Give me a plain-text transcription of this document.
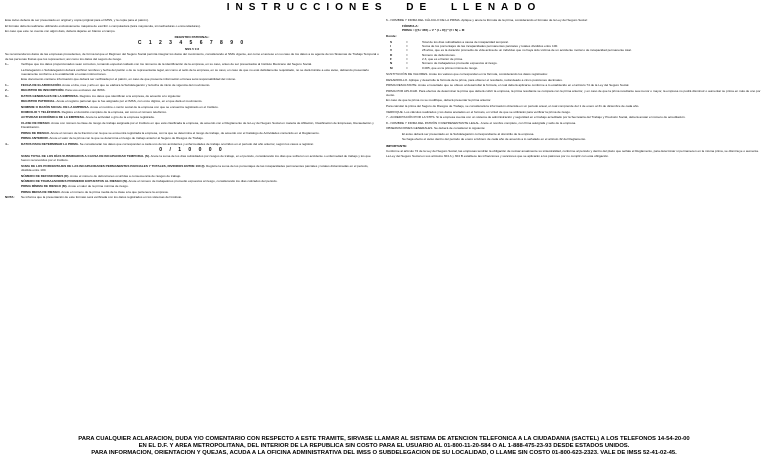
INSTRUCCIONES DE LLENADO

Este Aviso deberá de ser presentado en original y copia (original para el IMSS, y la copia para el patrón).

El formato deberá realizarse utilizando exclusivamente máquina de escribir o computadora (letra mayúscula, sin tachaduras o enmendaduras).

En caso que este no cuente con algún dato, deberá dejarse en blanco el campo.

REGISTRO PATRONAL:
C 1 2 3 4 5 6 7 8 9 0
NSS 5 0 8

Se recomienda los datos de las empresas procedentes, de forma tal que el Régimen del Seguro Social permita integrar los datos del movimiento, considerando el SMG vigente, así como el acceso en su caso de los datos a su agente de los Sistemas de Trabajo Temporal o de las personas físicas que los representen; así como los datos del seguro de riesgo.

1.-	Verifique que los datos proporcionados sean correctos, tomando especial cuidado con los números de la identificación de la empresa, en su caso, antes de ser presentados al Instituto Mexicano del Seguro Social.
La Delegación o Subdelegación deberá verificar nombres y fecha del patrón o de su representante legal, así como el sello de la empresa, en su caso; en caso de que no esté debidamente requisitado, no se dará trámite a este aviso, debiendo presentarlo nuevamente conforme a lo establecido en estas instrucciones.
Este documento contiene información que deberá ser verificada por el patrón, en caso de que presente información errónea será responsabilidad del mismo.
1.-	FECHA DE ELABORACIÓN. Anote el día, mes y año en que se elabora la Subdelegación y la fecha de inicio de vigencia del movimiento.
2.-	REGISTRO DE INSCRIPCIÓN. Para uso exclusivo del IMSS.
3.-	DATOS GENERALES DE LA EMPRESA. Registre los datos que identifican a la empresa, de acuerdo a lo siguiente:
REGISTRO PATRONAL. Anote el registro patronal que le fue asignado por el IMSS, con once dígitos, en el que dará el movimiento.
NOMBRE O RAZÓN SOCIAL DE LA EMPRESA. Anote el nombre o razón social de la empresa con que se encuentra registrado en el Instituto.
DOMICILIO Y TELÉFONOS. Registre el domicilio completo de la empresa, así como el número telefónico.
ACTIVIDAD ECONÓMICA DE LA EMPRESA. Anote la actividad o giro de la empresa registrada.
CLASE DE RIESGO. Anote con número la clase de riesgo de trabajo asignada por el Instituto en que esté clasificada la empresa, de acuerdo con el Reglamento de la Ley del Seguro Social en materia de Afiliación, Clasificación de Empresas, Recaudación y Fiscalización.
PRIMA DE RIESGO. Anote el número de la fracción con la que se encuentra registrada la empresa, con la que se determina el riesgo de trabajo, de acuerdo con el Catálogo de Actividades contenido en el Reglamento.
PRIMA ANTERIOR. Anote el valor de la prima con la que se determina el riesgo de trabajo anterior al Seguro de Riesgos de Trabajo.
4.-	DATOS PARA DETERMINAR LA PRIMA. Se considerarán los datos que corresponden a cada uno de los accidentes y enfermedades de trabajo ocurridos en el periodo del año anterior, según los casos a registrar.
0 / 1 0 0 0 0
SUMA TOTAL DE LOS DÍAS SUBSIDIADOS A CAUSA DE INCAPACIDAD TEMPORAL (S). Anote la suma de los días subsidiados por riesgos de trabajo, en el periodo, considerando los días que sufrieron un accidente o enfermedad de trabajo y los que fueron reconocidos por el Instituto.
SUMA DE LOS PORCENTAJES DE LAS INCAPACIDADES PERMANENTES PARCIALES Y TOTALES, DIVIDIDOS ENTRE 100 (I). Registre la suma de los porcentajes de las incapacidades permanentes parciales y totales dictaminadas en el periodo, dividida entre 100.
NÚMERO DE DEFUNCIONES (D). Anote el número de defunciones ocurridas a consecuencia de riesgos de trabajo.
NÚMERO DE TRABAJADORES PROMEDIO EXPUESTOS AL RIESGO (N). Anote el número de trabajadores promedio expuestos al riesgo, considerando los días cotizados del periodo.
PRIMA MÍNIMA DE RIESGO (M). Anote el valor de la prima mínima de riesgo.
PRIMA MEDIA DE RIESGO. Anote el número de la prima media de la clase a la que pertenece la empresa.
NOTA:	Se informa que la presentación de este formato será verificada con los datos registrados en los sistemas del Instituto.

6.- NOMBRE Y FIRMA DEL CÁLCULO DE LA PRIMA. Aplique y anote la fórmula de la prima, considerando el formato de la Ley del Seguro Social:

FÓRMULA:
PRIMA = [(S / 365) + V * (I + D)] * (F / N) + M
Donde:
S	=	Total de los días subsidiados a causa de incapacidad temporal.
I	=	Suma de los porcentajes de las incapacidades permanentes parciales y totales divididos entre 100.
V	=	28 años, que es la duración promedio de vida activa de un individuo que no haya sido víctima de un accidente mortal o de incapacidad permanente total.
D	=	Número de defunciones.
F	=	2.3, que es el factor de prima.
N	=	Número de trabajadores promedio expuestos al riesgo.
M	=	0.005, que es la prima mínima de riesgo.

SUSTITUCIÓN DE VALORES. Anote los valores que correspondan en la fórmula, considerando los datos registrados:

DESARROLLO. Aplique y desarrolle la fórmula de la prima, para obtener el resultado, redondeado a cinco posiciones decimales.

PRIMA RESULTANTE. Anote el resultado que se obtuvo al desarrollar la fórmula, el cual deberá aplicarse conforme a lo establecido en el artículo 74 de la Ley del Seguro Social.

PRIMA POR APLICAR. Para efectos de determinar la prima que deberá cubrir la empresa, la prima resultante se compara con la prima anterior, y en caso de que la prima resultante sea menor o mayor, la empresa no podrá disminuir o aumentar su prima en más de uno por ciento.

En caso de que la prima no se modifique, deberá presentar la prima anterior.

Para calcular la prima del Seguro de Riesgos de Trabajo, se considerará la información obtenida en un periodo anual, el cual comprende del 1 de enero al 31 de diciembre de cada año.

VERIFIQUE. Los cálculos realizados y los datos anotados en el formato, en virtud de que se utilizarán para verificar la prima de riesgo.

7.- ACREDITACIÓN POR LA STPS. Si la empresa cuenta con un sistema de administración y seguridad en el trabajo acreditado por la Secretaría del Trabajo y Previsión Social, deberá anotar el número de acreditación.

8.- NOMBRE Y FIRMA DEL PATRÓN O REPRESENTANTE LEGAL. Anote el nombre completo, con firma autógrafa y sello de la empresa.

OBSERVACIONES GENERALES. Se deberá de considerar lo siguiente:

El aviso deberá ser presentado en la Subdelegación correspondiente al domicilio de la empresa.

Se haga efecto el aviso dentro del periodo de enero a febrero de cada año de acuerdo a lo señalado en el artículo 32 del Reglamento.

IMPORTANTE:

Conforme al artículo 74 de la Ley del Seguro Social, las empresas tendrán la obligación de revisar anualmente su siniestralidad, conforme al periodo y dentro del plazo que señale el Reglamento, para determinar si permanecen en la misma prima, se disminuye o aumenta.

La Ley del Seguro Social en sus artículos 304 A y 304 B establece las infracciones y sanciones que se aplicarán a los patrones por no cumplir con esta obligación.

PARA CUALQUIER ACLARACIÓN, DUDA Y/O COMENTARIO CON RESPECTO A ESTE TRÁMITE, SÍRVASE LLAMAR AL SISTEMA DE ATENCIÓN TELEFÓNICA A LA CIUDADANÍA (SACTEL) A LOS TELÉFONOS 14-54-20-00
EN EL D.F. Y ÁREA METROPOLITANA, DEL INTERIOR DE LA REPÚBLICA SIN COSTO PARA EL USUARIO AL 01-800-11-20-584 O AL 1-888-475-23-93 DESDE ESTADOS UNIDOS.
PARA INFORMACIÓN, ORIENTACIÓN Y QUEJAS, ACUDA A LA OFICINA ADMINISTRATIVA DEL IMSS O SUBDELEGACIÓN DE SU LOCALIDAD, O LLAME SIN COSTO 01-800-623-2323. VALE DE IMSS 52-41-02-45.
